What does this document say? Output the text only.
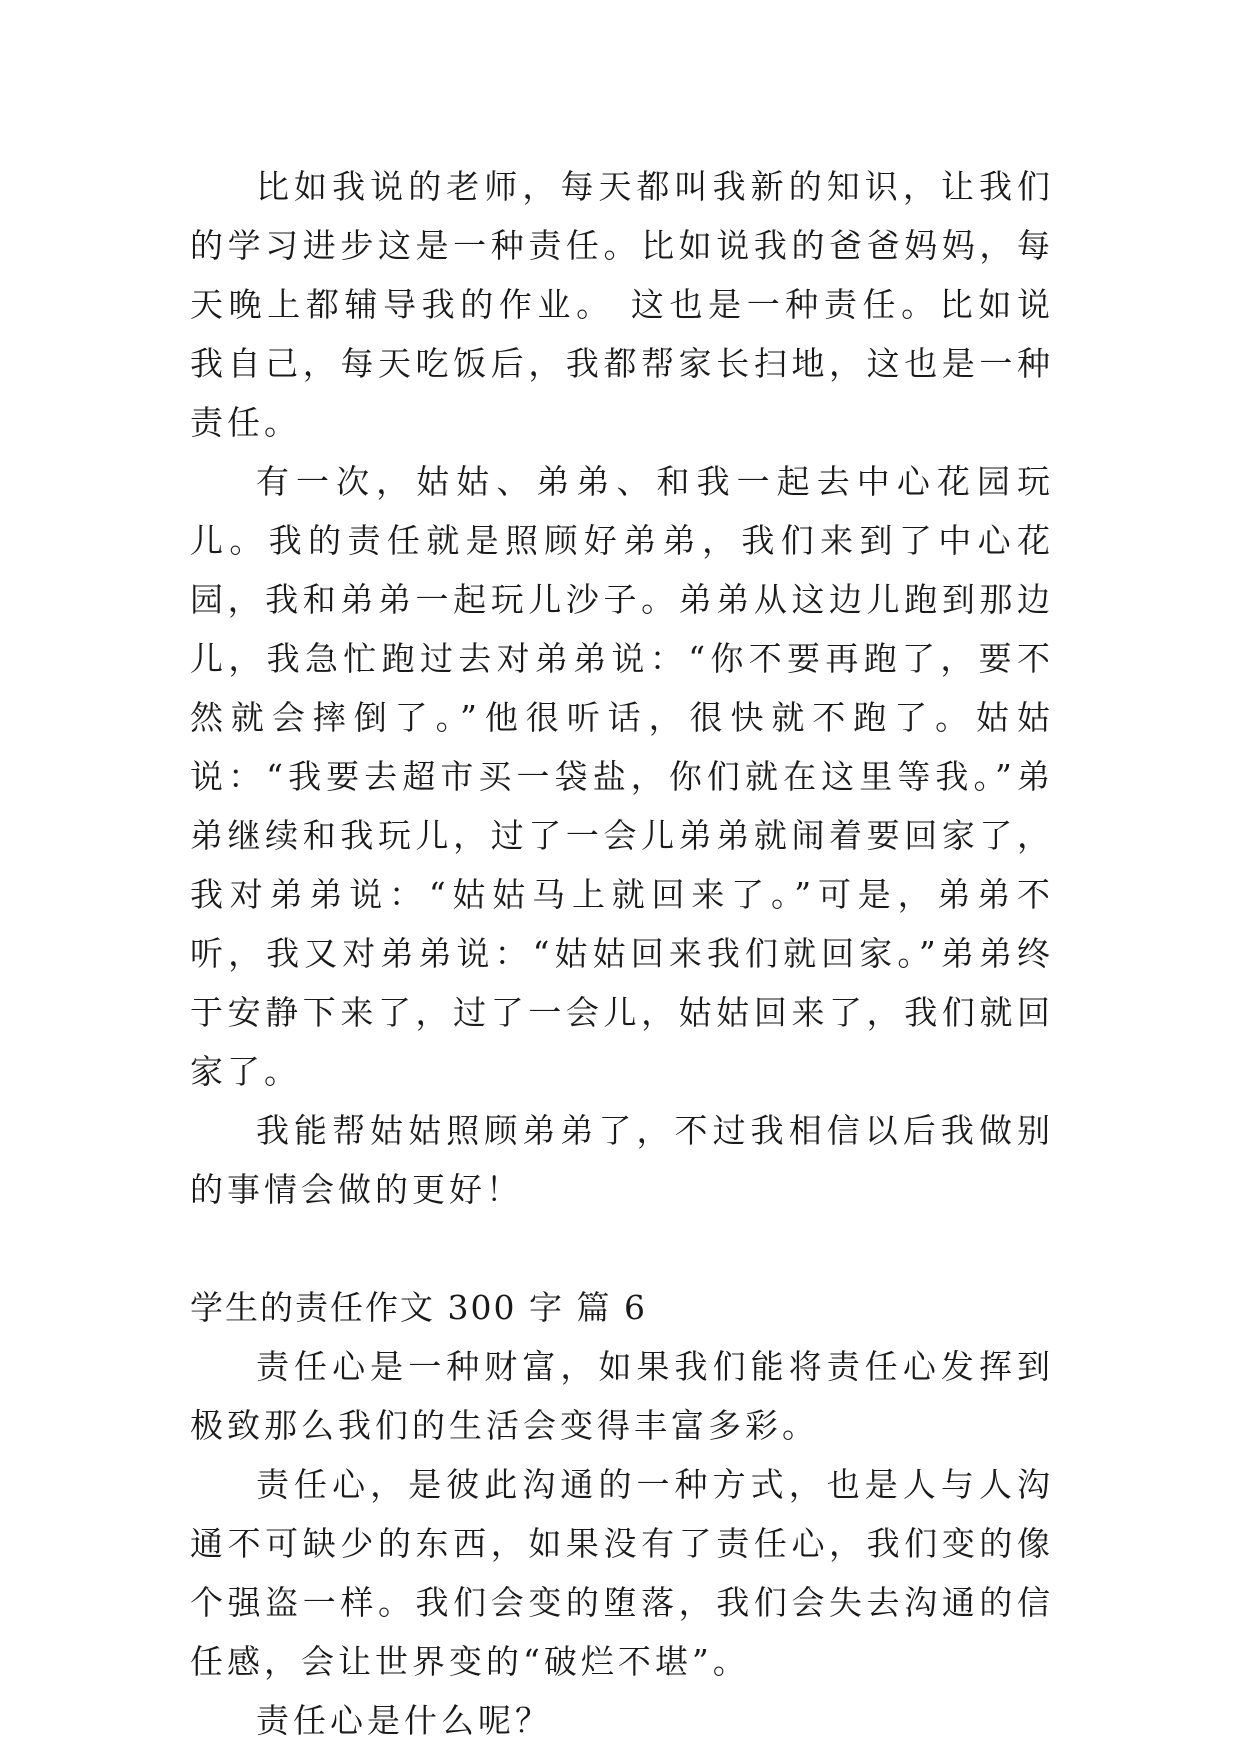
比如我说的老师，每天都叫我新的知识，让我们的学习进步这是一种责任。比如说我的爸爸妈妈，每天晚上都辅导我的作业。 这也是一种责任。比如说我自己，每天吃饭后，我都帮家长扫地，这也是一种责任。

有一次，姑姑、弟弟、和我一起去中心花园玩儿。我的责任就是照顾好弟弟，我们来到了中心花园，我和弟弟一起玩儿沙子。弟弟从这边儿跑到那边儿，我急忙跑过去对弟弟说：“你不要再跑了，要不然就会摔倒了。”他很听话，很快就不跑了。姑姑说：“我要去超市买一袋盐，你们就在这里等我。”弟弟继续和我玩儿，过了一会儿弟弟就闹着要回家了，我对弟弟说：“姑姑马上就回来了。”可是，弟弟不听，我又对弟弟说：“姑姑回来我们就回家。”弟弟终于安静下来了，过了一会儿，姑姑回来了，我们就回家了。

我能帮姑姑照顾弟弟了，不过我相信以后我做别的事情会做的更好！

学生的责任作文 300 字 篇 6

责任心是一种财富，如果我们能将责任心发挥到极致那么我们的生活会变得丰富多彩。

责任心，是彼此沟通的一种方式，也是人与人沟通不可缺少的东西，如果没有了责任心，我们变的像个强盗一样。我们会变的堕落，我们会失去沟通的信任感，会让世界变的“破烂不堪”。

责任心是什么呢？
